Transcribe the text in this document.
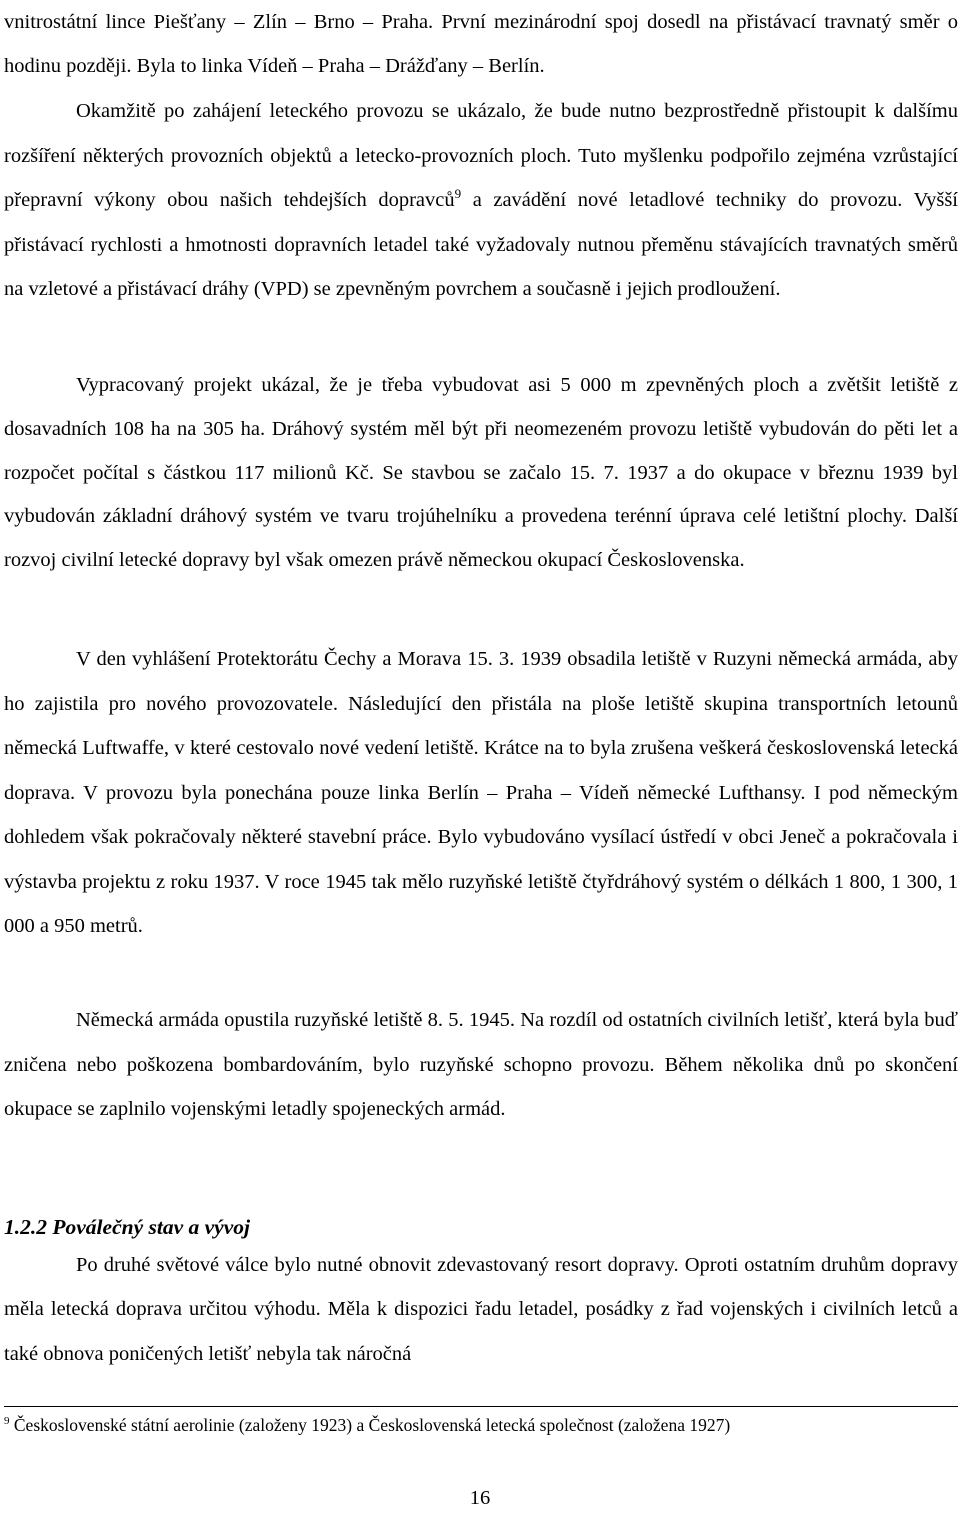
vnitrostátní lince Piešťany – Zlín – Brno – Praha. První mezinárodní spoj dosedl na přistávací travnatý směr o hodinu později. Byla to linka Vídeň – Praha – Drážďany – Berlín.

Okamžitě po zahájení leteckého provozu se ukázalo, že bude nutno bezprostředně přistoupit k dalšímu rozšíření některých provozních objektů a letecko-provozních ploch. Tuto myšlenku podpořilo zejména vzrůstající přepravní výkony obou našich tehdejších dopravců$^9$ a zavádění nové letadlové techniky do provozu. Vyšší přistávací rychlosti a hmotnosti dopravních letadel také vyžadovaly nutnou přeměnu stávajících travnatých směrů na vzletové a přistávací dráhy (VPD) se zpevněným povrchem a současně i jejich prodloužení.

Vypracovaný projekt ukázal, že je třeba vybudovat asi 5 000 m zpevněných ploch a zvětšit letiště z dosavadních 108 ha na 305 ha. Dráhový systém měl být při neomezeném provozu letiště vybudován do pěti let a rozpočet počítal s částkou 117 milionů Kč. Se stavbou se začalo 15. 7. 1937 a do okupace v březnu 1939 byl vybudován základní dráhový systém ve tvaru trojúhelníku a provedena terénní úprava celé letištní plochy. Další rozvoj civilní letecké dopravy byl však omezen právě německou okupací Československa.

V den vyhlášení Protektorátu Čechy a Morava 15. 3. 1939 obsadila letiště v Ruzyni německá armáda, aby ho zajistila pro nového provozovatele. Následující den přistála na ploše letiště skupina transportních letounů německá Luftwaffe, v které cestovalo nové vedení letiště. Krátce na to byla zrušena veškerá československá letecká doprava. V provozu byla ponechána pouze linka Berlín – Praha – Vídeň německé Lufthansy. I pod německým dohledem však pokračovaly některé stavební práce. Bylo vybudováno vysílací ústředí v obci Jeneč a pokračovala i výstavba projektu z roku 1937. V roce 1945 tak mělo ruzyňské letiště čtyřdráhový systém o délkách 1 800, 1 300, 1 000 a 950 metrů.

Německá armáda opustila ruzyňské letiště 8. 5. 1945. Na rozdíl od ostatních civilních letišť, která byla buď zničena nebo poškozena bombardováním, bylo ruzyňské schopno provozu. Během několika dnů po skončení okupace se zaplnilo vojenskými letadly spojeneckých armád.

1.2.2 Poválečný stav a vývoj

Po druhé světové válce bylo nutné obnovit zdevastovaný resort dopravy. Oproti ostatním druhům dopravy měla letecká doprava určitou výhodu. Měla k dispozici řadu letadel, posádky z řad vojenských i civilních letců a také obnova poničených letišť nebyla tak náročná

$^9$ Československé státní aerolinie (založeny 1923) a Československá letecká společnost (založena 1927)

16
